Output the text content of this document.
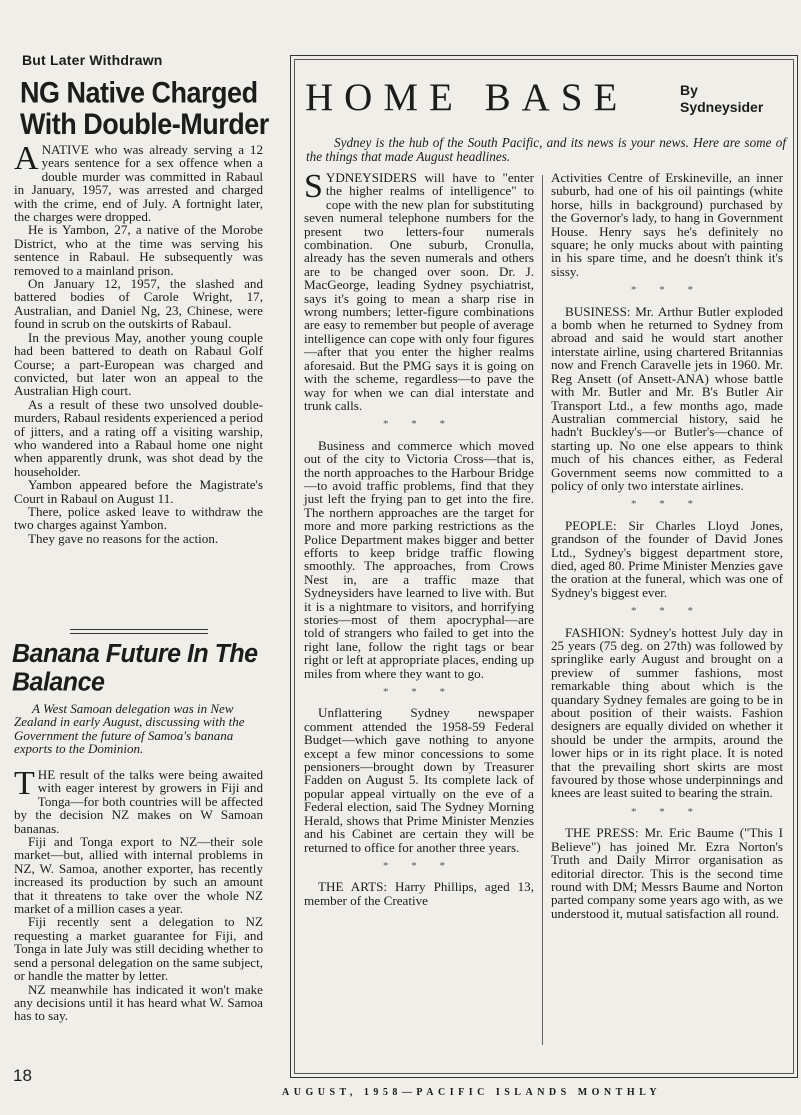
But Later Withdrawn
NG Native Charged With Double-Murder

A NATIVE who was already serving a 12 years sentence for a sex offence when a double murder was committed in Rabaul in January, 1957, was arrested and charged with the crime, end of July. A fortnight later, the charges were dropped.

He is Yambon, 27, a native of the Morobe District, who at the time was serving his sentence in Rabaul. He subsequently was removed to a mainland prison.

On January 12, 1957, the slashed and battered bodies of Carole Wright, 17, Australian, and Daniel Ng, 23, Chinese, were found in scrub on the outskirts of Rabaul.

In the previous May, another young couple had been battered to death on Rabaul Golf Course; a part-European was charged and convicted, but later won an appeal to the Australian High court.

As a result of these two unsolved double-murders, Rabaul residents experienced a period of jitters, and a rating off a visiting warship, who wandered into a Rabaul home one night when apparently drunk, was shot dead by the householder.

Yambon appeared before the Magistrate's Court in Rabaul on August 11.

There, police asked leave to withdraw the two charges against Yambon.

They gave no reasons for the action.

Banana Future In The Balance
A West Samoan delegation was in New Zealand in early August, discussing with the Government the future of Samoa's banana exports to the Dominion.

THE result of the talks were being awaited with eager interest by growers in Fiji and Tonga—for both countries will be affected by the decision NZ makes on W Samoan bananas.

Fiji and Tonga export to NZ—their sole market—but, allied with internal problems in NZ, W. Samoa, another exporter, has recently increased its production by such an amount that it threatens to take over the whole NZ market of a million cases a year.

Fiji recently sent a delegation to NZ requesting a market guarantee for Fiji, and Tonga in late July was still deciding whether to send a personal delegation on the same subject, or handle the matter by letter.

NZ meanwhile has indicated it won't make any decisions until it has heard what W. Samoa has to say.

HOME BASE	By
Sydneysider
Sydney is the hub of the South Pacific, and its news is your news. Here are some of the things that made August headlines.

SYDNEYSIDERS will have to "enter the higher realms of intelligence" to cope with the new plan for substituting seven numeral telephone numbers for the present two letters-four numerals combination. One suburb, Cronulla, already has the seven numerals and others are to be changed over soon. Dr. J. MacGeorge, leading Sydney psychiatrist, says it's going to mean a sharp rise in wrong numbers; letter-figure combinations are easy to remember but people of average intelligence can cope with only four figures—after that you enter the higher realms aforesaid. But the PMG says it is going on with the scheme, regardless—to pave the way for when we can dial interstate and trunk calls.

* * *

Business and commerce which moved out of the city to Victoria Cross—that is, the north approaches to the Harbour Bridge—to avoid traffic problems, find that they just left the frying pan to get into the fire. The northern approaches are the target for more and more parking restrictions as the Police Department makes bigger and better efforts to keep bridge traffic flowing smoothly. The approaches, from Crows Nest in, are a traffic maze that Sydneysiders have learned to live with. But it is a nightmare to visitors, and horrifying stories—most of them apocryphal—are told of strangers who failed to get into the right lane, follow the right tags or bear right or left at appropriate places, ending up miles from where they want to go.

* * *

Unflattering Sydney newspaper comment attended the 1958-59 Federal Budget—which gave nothing to anyone except a few minor concessions to some pensioners—brought down by Treasurer Fadden on August 5. Its complete lack of popular appeal virtually on the eve of a Federal election, said The Sydney Morning Herald, shows that Prime Minister Menzies and his Cabinet are certain they will be returned to office for another three years.

* * *

THE ARTS: Harry Phillips, aged 13, member of the Creative

Activities Centre of Erskineville, an inner suburb, had one of his oil paintings (white horse, hills in background) purchased by the Governor's lady, to hang in Government House. Henry says he's definitely no square; he only mucks about with painting in his spare time, and he doesn't think it's sissy.

* * *

BUSINESS: Mr. Arthur Butler exploded a bomb when he returned to Sydney from abroad and said he would start another interstate airline, using chartered Britannias now and French Caravelle jets in 1960. Mr. Reg Ansett (of Ansett-ANA) whose battle with Mr. Butler and Mr. B's Butler Air Transport Ltd., a few months ago, made Australian commercial history, said he hadn't Buckley's—or Butler's—chance of starting up. No one else appears to think much of his chances either, as Federal Government seems now committed to a policy of only two interstate airlines.

* * *

PEOPLE: Sir Charles Lloyd Jones, grandson of the founder of David Jones Ltd., Sydney's biggest department store, died, aged 80. Prime Minister Menzies gave the oration at the funeral, which was one of Sydney's biggest ever.

* * *

FASHION: Sydney's hottest July day in 25 years (75 deg. on 27th) was followed by springlike early August and brought on a preview of summer fashions, most remarkable thing about which is the quandary Sydney females are going to be in about position of their waists. Fashion designers are equally divided on whether it should be under the armpits, around the lower hips or in its right place. It is noted that the prevailing short skirts are most favoured by those whose underpinnings and knees are least suited to bearing the strain.

* * *

THE PRESS: Mr. Eric Baume ("This I Believe") has joined Mr. Ezra Norton's Truth and Daily Mirror organisation as editorial director. This is the second time round with DM; Messrs Baume and Norton parted company some years ago with, as we understood it, mutual satisfaction all round.

18
AUGUST, 1958—PACIFIC ISLANDS MONTHLY
